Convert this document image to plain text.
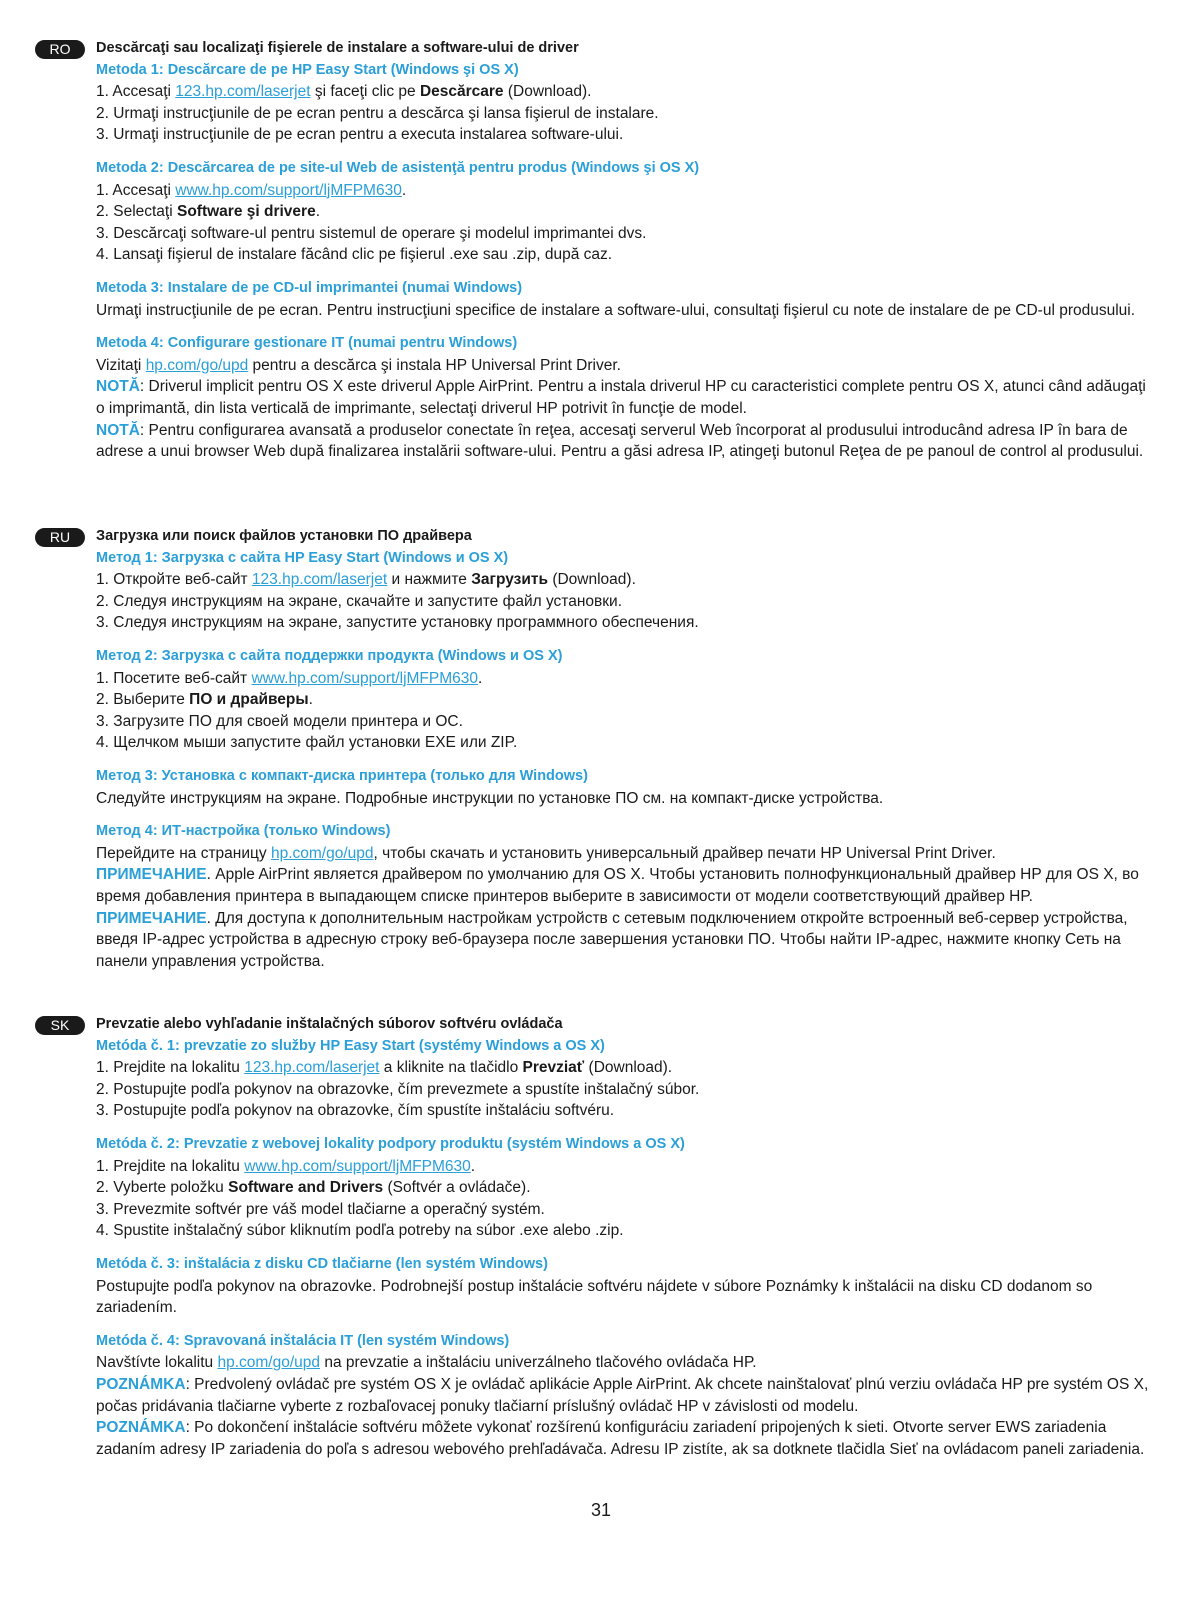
RO	Descărcaţi sau localizaţi fişierele de instalare a software-ului de driver

Metoda 1: Descărcare de pe HP Easy Start (Windows şi OS X)

1. Accesaţi 123.hp.com/laserjet şi faceţi clic pe Descărcare (Download).

2. Urmaţi instrucţiunile de pe ecran pentru a descărca şi lansa fişierul de instalare.

3. Urmaţi instrucţiunile de pe ecran pentru a executa instalarea software-ului.

Metoda 2: Descărcarea de pe site-ul Web de asistenţă pentru produs (Windows şi OS X)

1. Accesaţi www.hp.com/support/ljMFPM630.

2. Selectaţi Software şi drivere.

3. Descărcaţi software-ul pentru sistemul de operare şi modelul imprimantei dvs.

4. Lansaţi fişierul de instalare făcând clic pe fişierul .exe sau .zip, după caz.

Metoda 3: Instalare de pe CD-ul imprimantei (numai Windows)

Urmaţi instrucţiunile de pe ecran. Pentru instrucţiuni specifice de instalare a software-ului, consultaţi fişierul cu note de instalare de pe CD-ul produsului.

Metoda 4: Configurare gestionare IT (numai pentru Windows)

Vizitaţi hp.com/go/upd pentru a descărca şi instala HP Universal Print Driver.

NOTĂ: Driverul implicit pentru OS X este driverul Apple AirPrint. Pentru a instala driverul HP cu caracteristici complete pentru OS X, atunci când adăugaţi o imprimantă, din lista verticală de imprimante, selectaţi driverul HP potrivit în funcţie de model.

NOTĂ: Pentru configurarea avansată a produselor conectate în reţea, accesaţi serverul Web încorporat al produsului introducând adresa IP în bara de adrese a unui browser Web după finalizarea instalării software-ului. Pentru a găsi adresa IP, atingeţi butonul Reţea de pe panoul de control al produsului.

RU	Загрузка или поиск файлов установки ПО драйвера

Метод 1: Загрузка с сайта HP Easy Start (Windows и OS X)

1. Откройте веб-сайт 123.hp.com/laserjet и нажмите Загрузить (Download).

2. Следуя инструкциям на экране, скачайте и запустите файл установки.

3. Следуя инструкциям на экране, запустите установку программного обеспечения.

Метод 2: Загрузка с сайта поддержки продукта (Windows и OS X)

1. Посетите веб-сайт www.hp.com/support/ljMFPM630.

2. Выберите ПО и драйверы.

3. Загрузите ПО для своей модели принтера и ОС.

4. Щелчком мыши запустите файл установки EXE или ZIP.

Метод 3: Установка с компакт-диска принтера (только для Windows)

Следуйте инструкциям на экране. Подробные инструкции по установке ПО см. на компакт-диске устройства.

Метод 4: ИТ-настройка (только Windows)

Перейдите на страницу hp.com/go/upd, чтобы скачать и установить универсальный драйвер печати HP Universal Print Driver.

ПРИМЕЧАНИЕ. Apple AirPrint является драйвером по умолчанию для OS X. Чтобы установить полнофункциональный драйвер HP для OS X, во время добавления принтера в выпадающем списке принтеров выберите в зависимости от модели соответствующий драйвер HP.

ПРИМЕЧАНИЕ. Для доступа к дополнительным настройкам устройств с сетевым подключением откройте встроенный веб-сервер устройства, введя IP-адрес устройства в адресную строку веб-браузера после завершения установки ПО. Чтобы найти IP-адрес, нажмите кнопку Сеть на панели управления устройства.

SK	Prevzatie alebo vyhľadanie inštalačných súborov softvéru ovládača

Metóda č. 1: prevzatie zo služby HP Easy Start (systémy Windows a OS X)

1. Prejdite na lokalitu 123.hp.com/laserjet a kliknite na tlačidlo Prevziať (Download).

2. Postupujte podľa pokynov na obrazovke, čím prevezmete a spustíte inštalačný súbor.

3. Postupujte podľa pokynov na obrazovke, čím spustíte inštaláciu softvéru.

Metóda č. 2: Prevzatie z webovej lokality podpory produktu (systém Windows a OS X)

1. Prejdite na lokalitu www.hp.com/support/ljMFPM630.

2. Vyberte položku Software and Drivers (Softvér a ovládače).

3. Prevezmite softvér pre váš model tlačiarne a operačný systém.

4. Spustite inštalačný súbor kliknutím podľa potreby na súbor .exe alebo .zip.

Metóda č. 3: inštalácia z disku CD tlačiarne (len systém Windows)

Postupujte podľa pokynov na obrazovke. Podrobnejší postup inštalácie softvéru nájdete v súbore Poznámky k inštalácii na disku CD dodanom so zariadením.

Metóda č. 4: Spravovaná inštalácia IT (len systém Windows)

Navštívte lokalitu hp.com/go/upd na prevzatie a inštaláciu univerzálneho tlačového ovládača HP.

POZNÁMKA: Predvolený ovládač pre systém OS X je ovládač aplikácie Apple AirPrint. Ak chcete nainštalovať plnú verziu ovládača HP pre systém OS X, počas pridávania tlačiarne vyberte z rozbaľovacej ponuky tlačiarní príslušný ovládač HP v závislosti od modelu.

POZNÁMKA: Po dokončení inštalácie softvéru môžete vykonať rozšírenú konfiguráciu zariadení pripojených k sieti. Otvorte server EWS zariadenia zadaním adresy IP zariadenia do poľa s adresou webového prehľadávača. Adresu IP zistíte, ak sa dotknete tlačidla Sieť na ovládacom paneli zariadenia.

31
